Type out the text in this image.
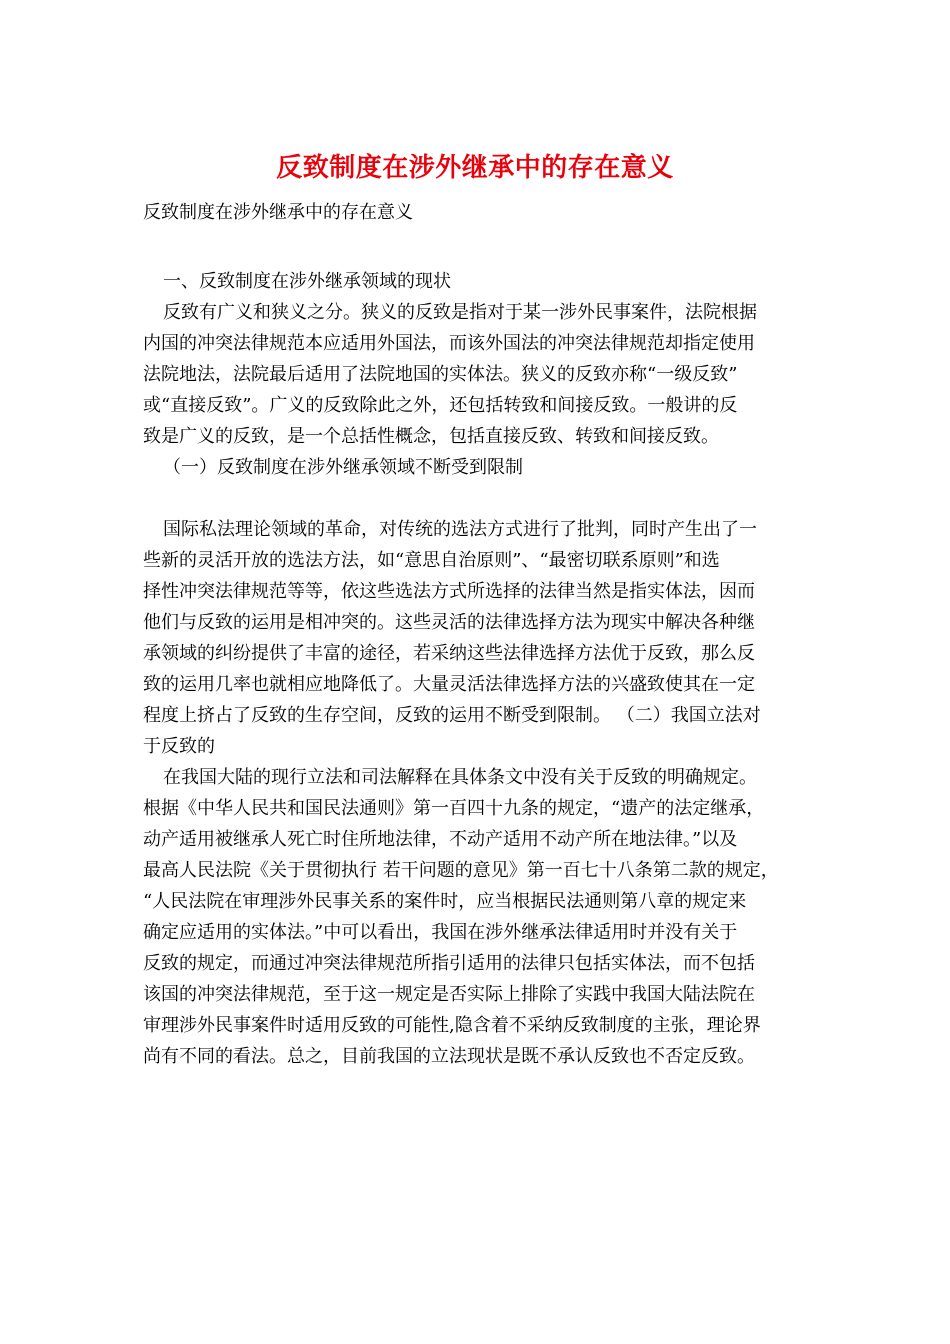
反致制度在涉外继承中的存在意义
反致制度在涉外继承中的存在意义
一、反致制度在涉外继承领域的现状
反致有广义和狭义之分。狭义的反致是指对于某一涉外民事案件，法院根据
内国的冲突法律规范本应适用外国法，而该外国法的冲突法律规范却指定使用
法院地法，法院最后适用了法院地国的实体法。狭义的反致亦称“一级反致”
或“直接反致”。广义的反致除此之外，还包括转致和间接反致。一般讲的反
致是广义的反致，是一个总括性概念，包括直接反致、转致和间接反致。
（一）反致制度在涉外继承领域不断受到限制
国际私法理论领域的革命，对传统的选法方式进行了批判，同时产生出了一
些新的灵活开放的选法方法，如“意思自治原则”、“最密切联系原则”和选
择性冲突法律规范等等，依这些选法方式所选择的法律当然是指实体法，因而
他们与反致的运用是相冲突的。这些灵活的法律选择方法为现实中解决各种继
承领域的纠纷提供了丰富的途径，若采纳这些法律选择方法优于反致，那么反
致的运用几率也就相应地降低了。大量灵活法律选择方法的兴盛致使其在一定
程度上挤占了反致的生存空间，反致的运用不断受到限制。 （二）我国立法对
于反致的
在我国大陆的现行立法和司法解释在具体条文中没有关于反致的明确规定。
根据《中华人民共和国民法通则》第一百四十九条的规定，“遗产的法定继承，
动产适用被继承人死亡时住所地法律，不动产适用不动产所在地法律。”以及
最高人民法院《关于贯彻执行 若干问题的意见》第一百七十八条第二款的规定，
“人民法院在审理涉外民事关系的案件时，应当根据民法通则第八章的规定来
确定应适用的实体法。”中可以看出，我国在涉外继承法律适用时并没有关于
反致的规定，而通过冲突法律规范所指引适用的法律只包括实体法，而不包括
该国的冲突法律规范，至于这一规定是否实际上排除了实践中我国大陆法院在
审理涉外民事案件时适用反致的可能性,隐含着不采纳反致制度的主张，理论界
尚有不同的看法。总之，目前我国的立法现状是既不承认反致也不否定反致。
